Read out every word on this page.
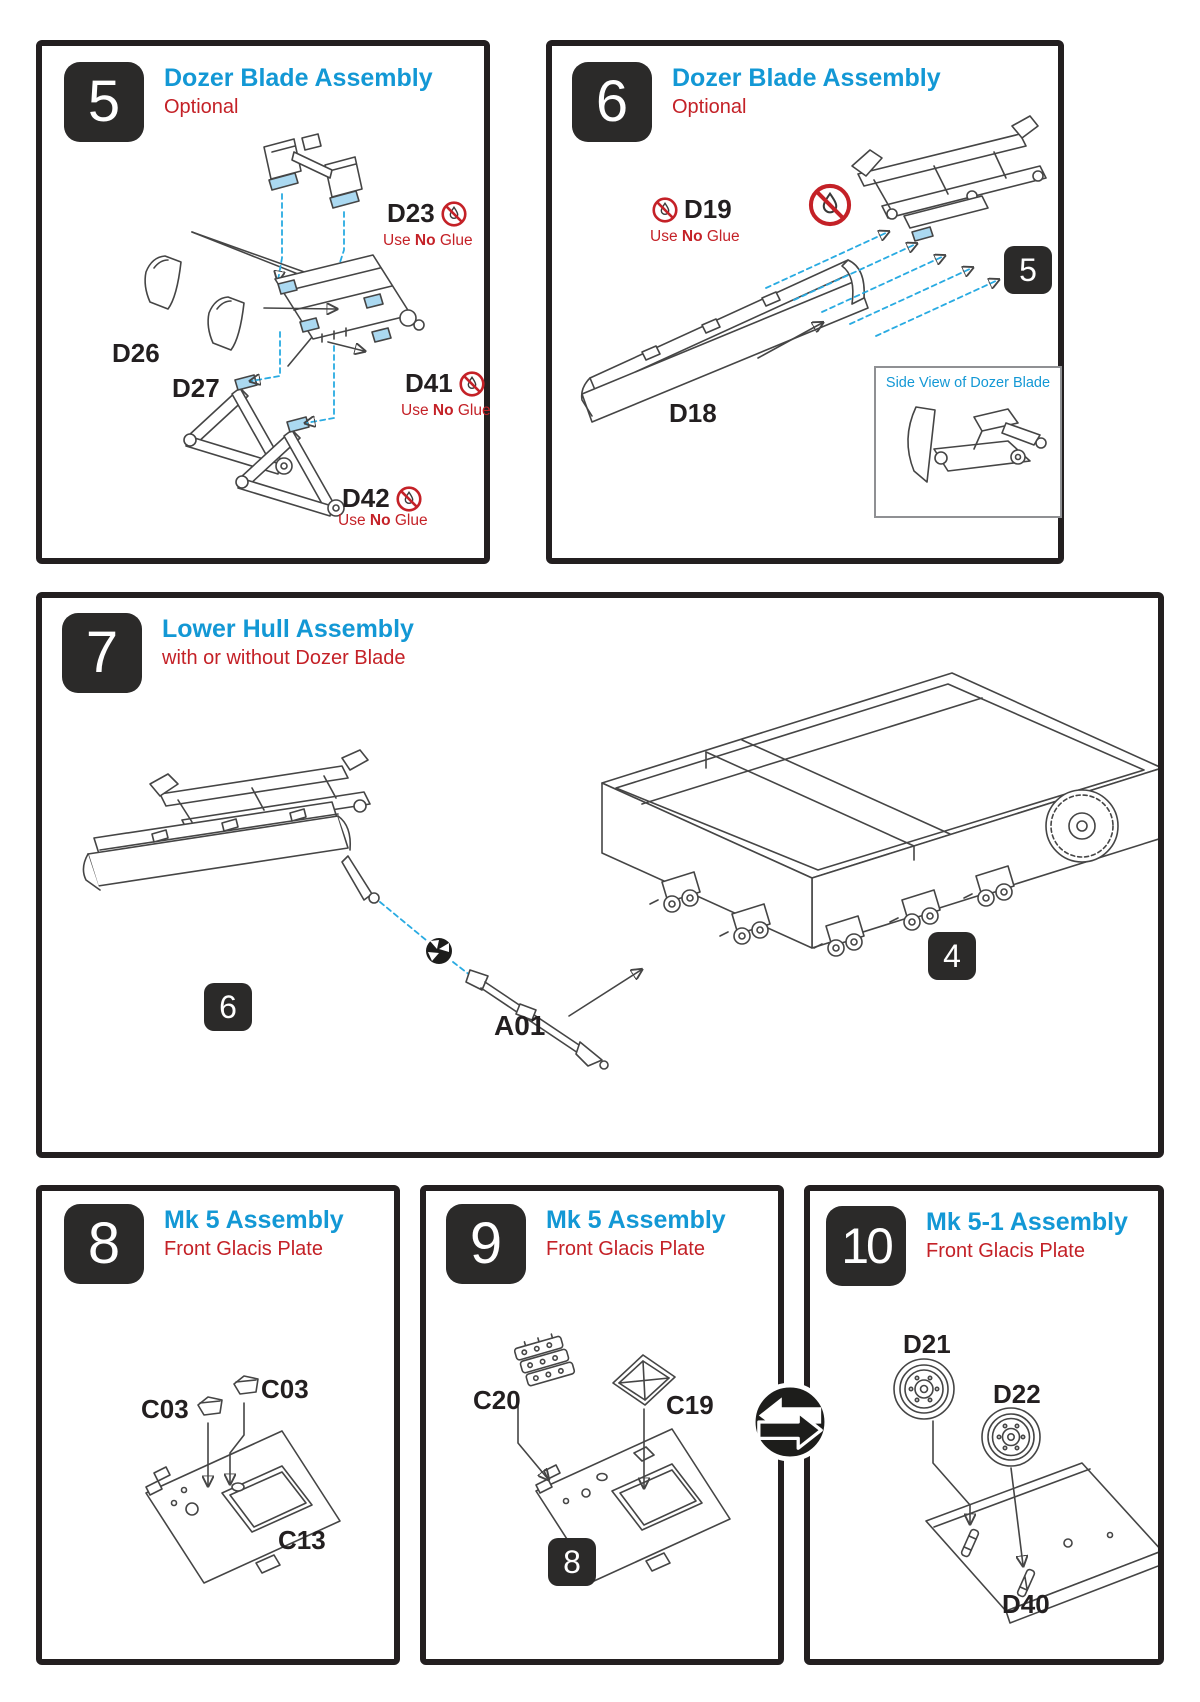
5	Dozer Blade Assembly
Optional
D23
Use No Glue
D26
D27	D41
Use No Glue
D42
Use No Glue
6	Dozer Blade Assembly
Optional
D19
Use No Glue
5
D18
Side View of Dozer Blade
7	Lower Hull Assembly
with or without Dozer Blade
6
A01
4
8	Mk 5 Assembly
Front Glacis Plate
C03
C03
C13
9	Mk 5 Assembly
Front Glacis Plate
C20	C19
8
10	Mk 5-1 Assembly
Front Glacis Plate
D21
D22
D40
